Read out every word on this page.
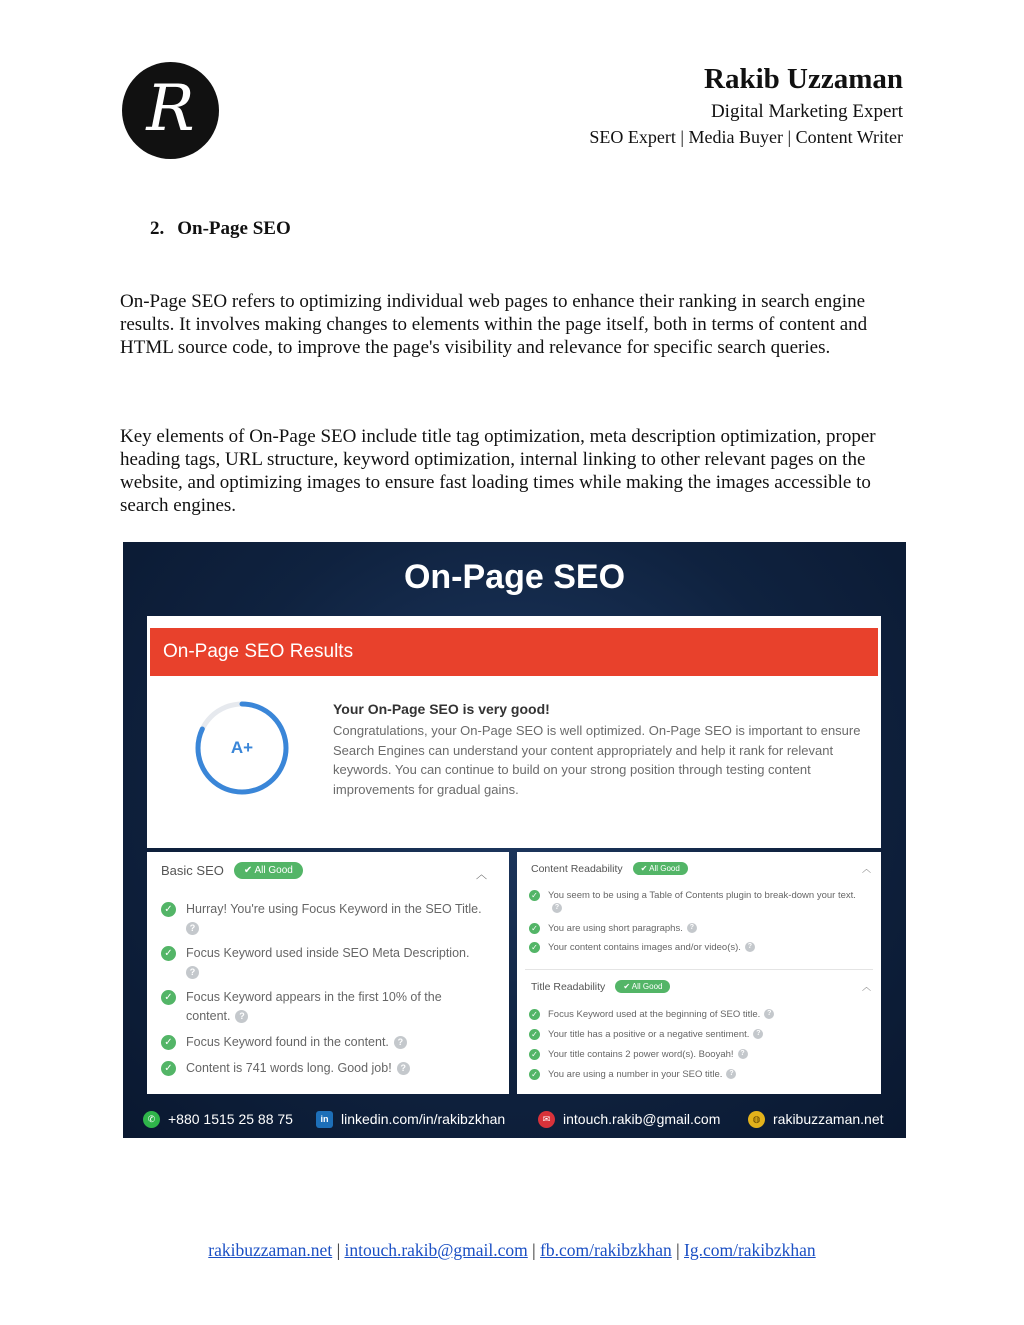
R	Rakib Uzzaman
Digital Marketing Expert
SEO Expert | Media Buyer | Content Writer
2. On-Page SEO

On-Page SEO refers to optimizing individual web pages to enhance their ranking in search engine results. It involves making changes to elements within the page itself, both in terms of content and HTML source code, to improve the page's visibility and relevance for specific search queries.

Key elements of On-Page SEO include title tag optimization, meta description optimization, proper heading tags, URL structure, keyword optimization, internal linking to other relevant pages on the website, and optimizing images to ensure fast loading times while making the images accessible to search engines.

On-Page SEO
On-Page SEO Results
A+
Your On-Page SEO is very good!
Congratulations, your On-Page SEO is well optimized. On-Page SEO is important to ensure Search Engines can understand your content appropriately and help it rank for relevant keywords. You can continue to build on your strong position through testing content improvements for gradual gains.
Basic SEO	✔ All Good	︿
✓ Hurray! You're using Focus Keyword in the SEO Title.
?
✓ Focus Keyword used inside SEO Meta Description.
?
✓ Focus Keyword appears in the first 10% of the content. ?
✓ Focus Keyword found in the content. ?
✓ Content is 741 words long. Good job! ?
Content Readability	✔ All Good	︿
✓ You seem to be using a Table of Contents plugin to break-down your text.?
✓ You are using short paragraphs. ?
✓ Your content contains images and/or video(s). ?
Title Readability	✔ All Good	︿
✓ Focus Keyword used at the beginning of SEO title. ?
✓ Your title has a positive or a negative sentiment. ?
✓ Your title contains 2 power word(s). Booyah! ?
✓ You are using a number in your SEO title. ?
✆ +880 1515 25 88 75	in linkedin.com/in/rakibzkhan	✉ intouch.rakib@gmail.com	◍ rakibuzzaman.net
rakibuzzaman.net | intouch.rakib@gmail.com | fb.com/rakibzkhan | Ig.com/rakibzkhan
